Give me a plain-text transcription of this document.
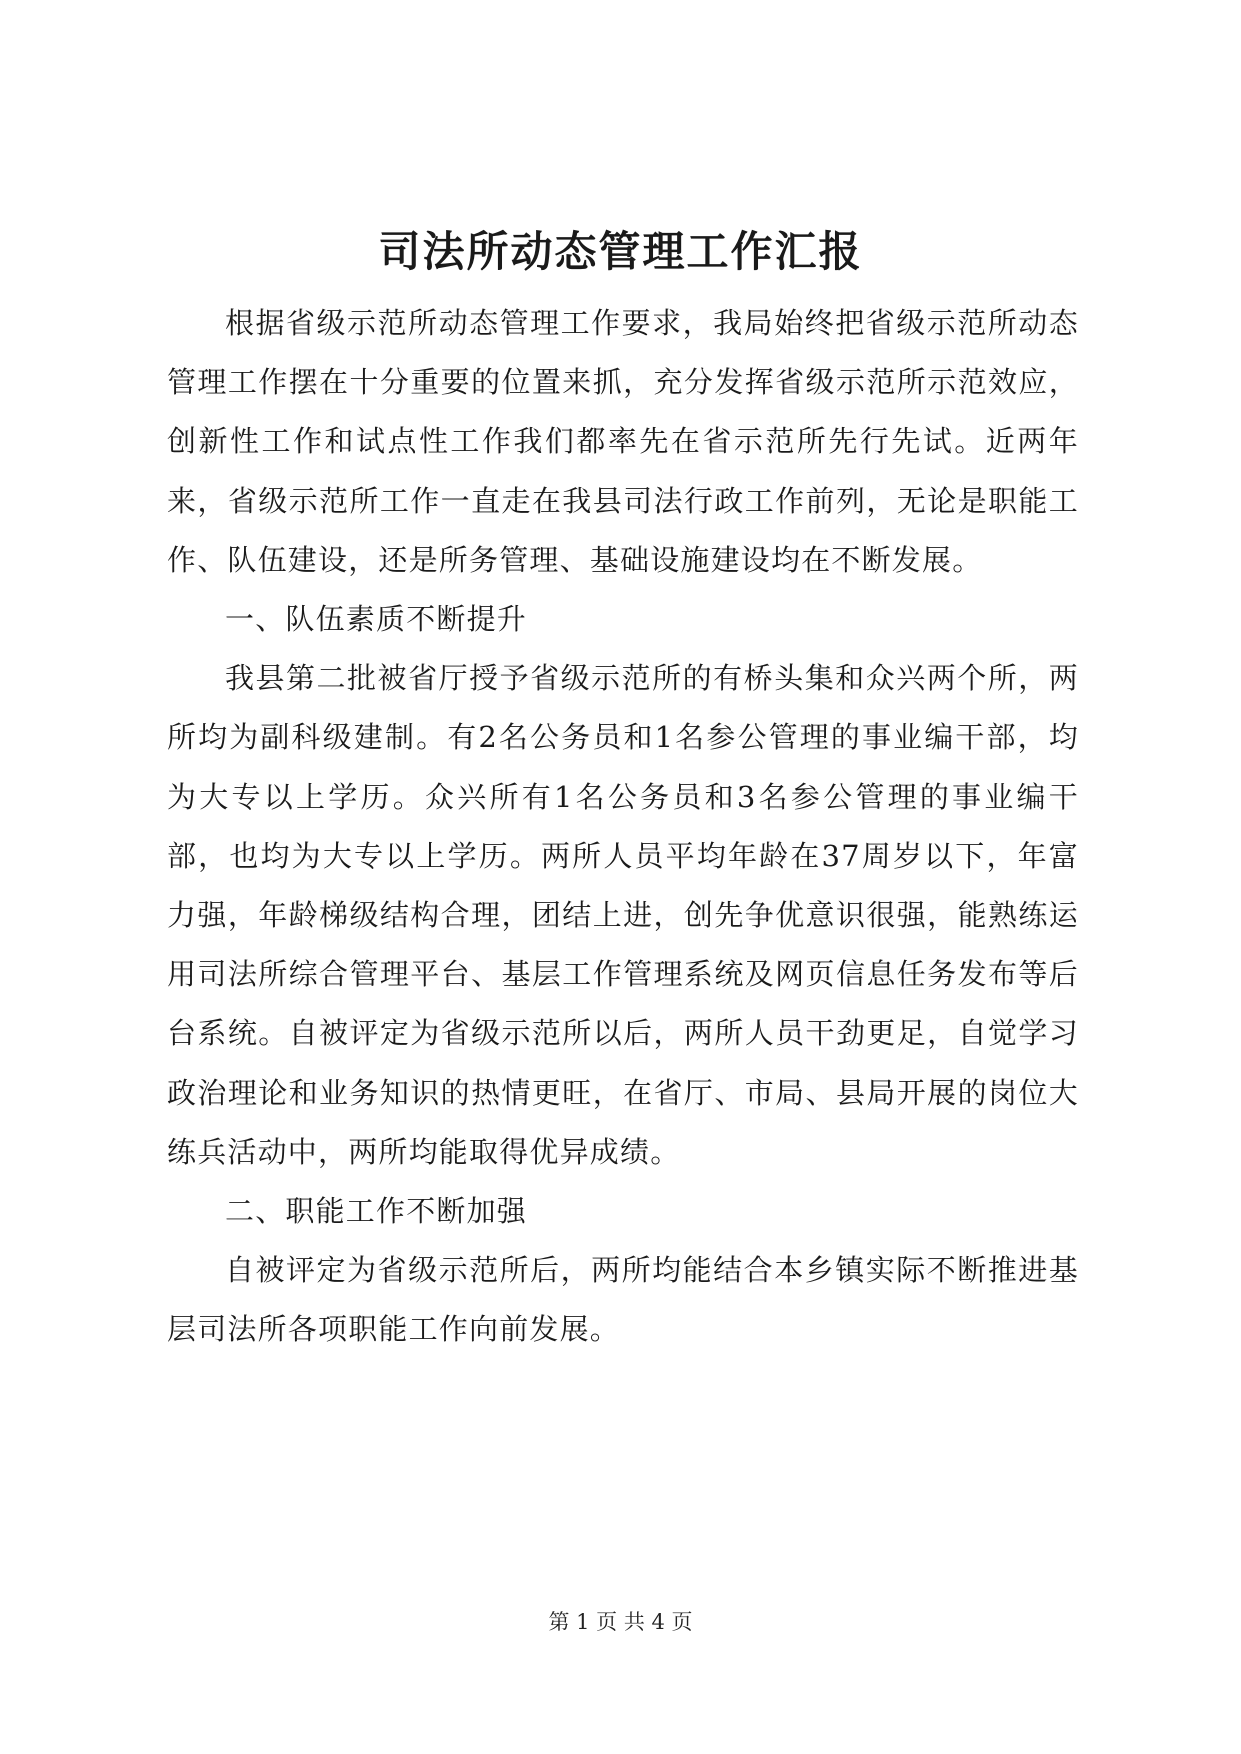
司法所动态管理工作汇报

根据省级示范所动态管理工作要求，我局始终把省级示范所动态管理工作摆在十分重要的位置来抓，充分发挥省级示范所示范效应，创新性工作和试点性工作我们都率先在省示范所先行先试。近两年来，省级示范所工作一直走在我县司法行政工作前列，无论是职能工作、队伍建设，还是所务管理、基础设施建设均在不断发展。

一、队伍素质不断提升

我县第二批被省厅授予省级示范所的有桥头集和众兴两个所，两所均为副科级建制。有2名公务员和1名参公管理的事业编干部，均为大专以上学历。众兴所有1名公务员和3名参公管理的事业编干部，也均为大专以上学历。两所人员平均年龄在37周岁以下，年富力强，年龄梯级结构合理，团结上进，创先争优意识很强，能熟练运用司法所综合管理平台、基层工作管理系统及网页信息任务发布等后台系统。自被评定为省级示范所以后，两所人员干劲更足，自觉学习政治理论和业务知识的热情更旺，在省厅、市局、县局开展的岗位大练兵活动中，两所均能取得优异成绩。

二、职能工作不断加强

自被评定为省级示范所后，两所均能结合本乡镇实际不断推进基层司法所各项职能工作向前发展。

第 1 页 共 4 页
